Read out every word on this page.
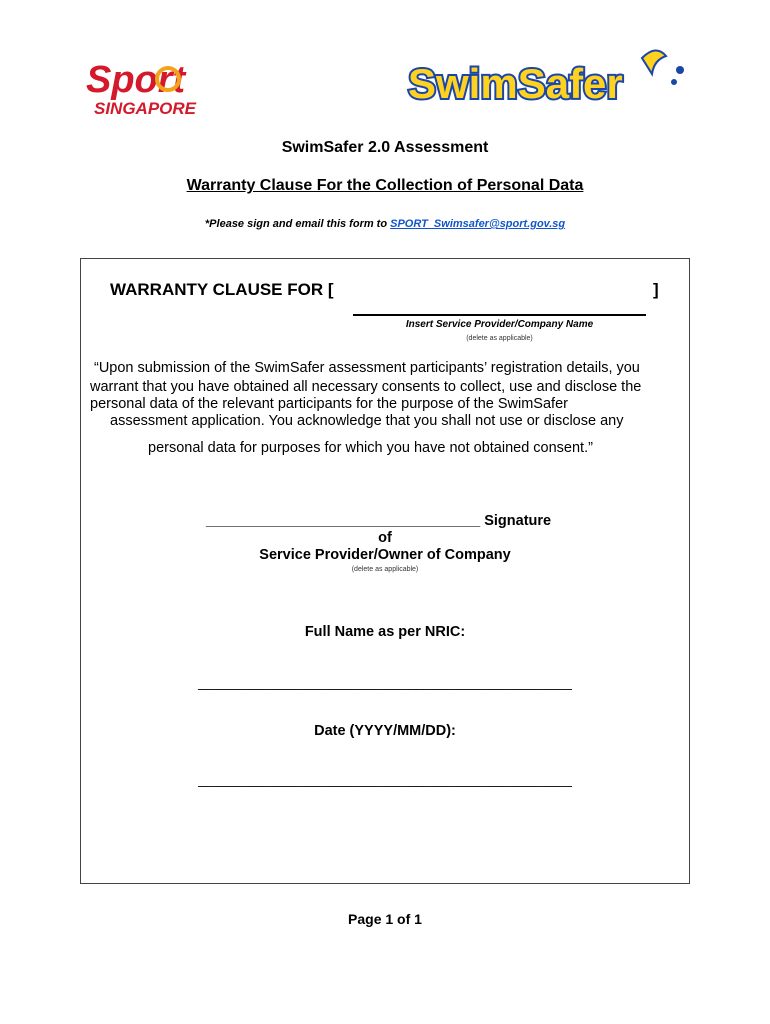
Sport
SINGAPORE
SwimSafer
SwimSafer 2.0 Assessment
Warranty Clause For the Collection of Personal Data
*Please sign and email this form to SPORT_Swimsafer@sport.gov.sg
WARRANTY CLAUSE FOR [	]
Insert Service Provider/Company Name
(delete as applicable)
“Upon submission of the SwimSafer assessment participants’ registration details, you
warrant that you have obtained all necessary consents to collect, use and disclose the
personal data of the relevant participants for the purpose of the SwimSafer
assessment application. You acknowledge that you shall not use or disclose any
personal data for purposes for which you have not obtained consent.”
__________________________________ Signature
of
Service Provider/Owner of Company
(delete as applicable)
Full Name as per NRIC:
________________________________________________
Date (YYYY/MM/DD):
________________________________________________
Page 1 of 1
